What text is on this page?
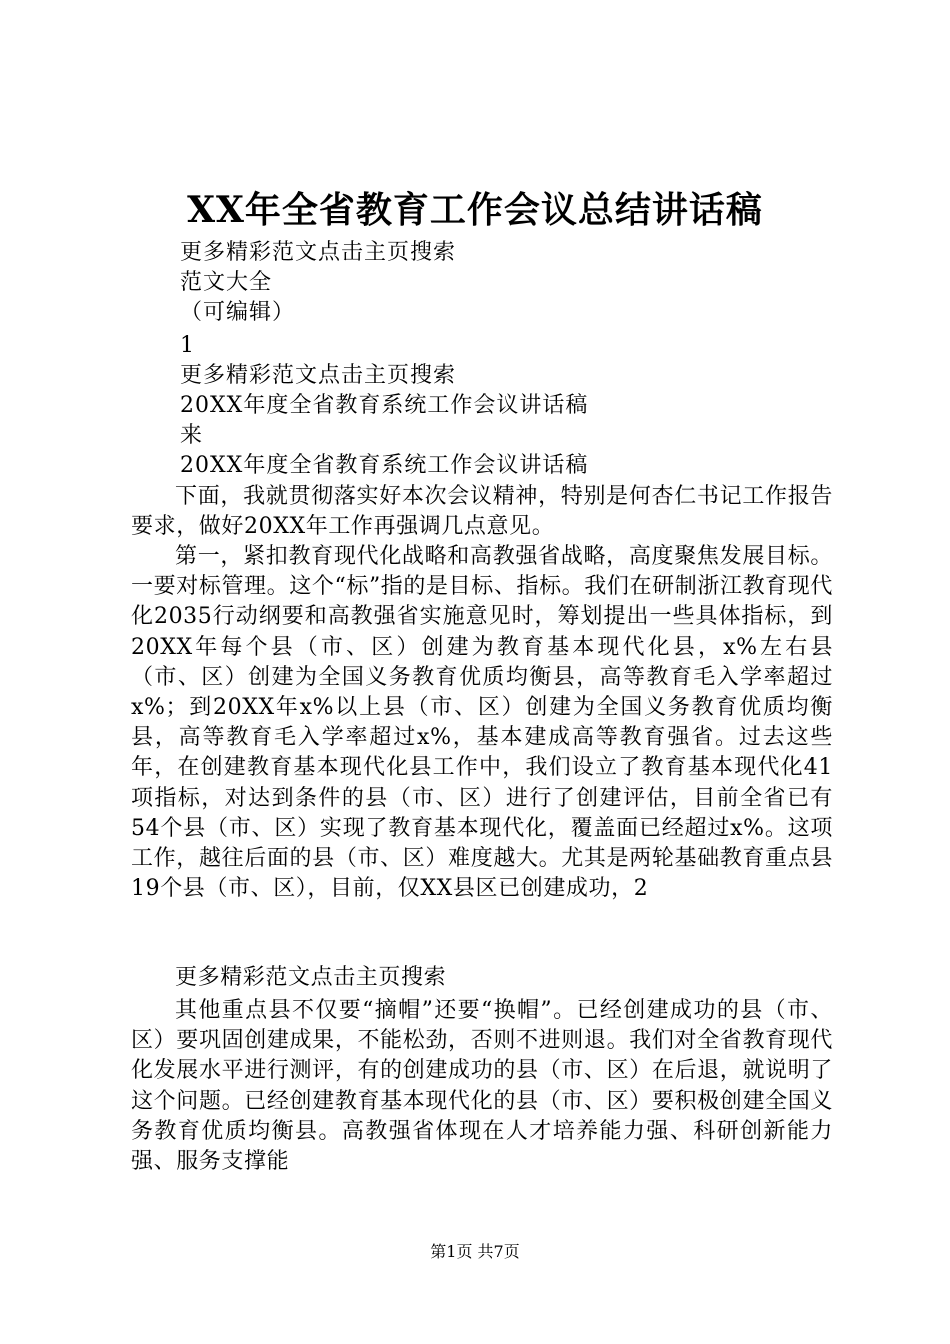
XX年全省教育工作会议总结讲话稿
更多精彩范文点击主页搜索
范文大全
（可编辑）
1
更多精彩范文点击主页搜索
20XX年度全省教育系统工作会议讲话稿
来
20XX年度全省教育系统工作会议讲话稿

下面，我就贯彻落实好本次会议精神，特别是何杏仁书记工作报告要求，做好20XX年工作再强调几点意见。

第一，紧扣教育现代化战略和高教强省战略，高度聚焦发展目标。一要对标管理。这个“标”指的是目标、指标。我们在研制浙江教育现代化2035行动纲要和高教强省实施意见时，筹划提出一些具体指标，到20XX年每个县（市、区）创建为教育基本现代化县，x%左右县（市、区）创建为全国义务教育优质均衡县，高等教育毛入学率超过x%；到20XX年x%以上县（市、区）创建为全国义务教育优质均衡县，高等教育毛入学率超过x%，基本建成高等教育强省。过去这些年，在创建教育基本现代化县工作中，我们设立了教育基本现代化41项指标，对达到条件的县（市、区）进行了创建评估，目前全省已有54个县（市、区）实现了教育基本现代化，覆盖面已经超过x%。这项工作，越往后面的县（市、区）难度越大。尤其是两轮基础教育重点县19个县（市、区），目前，仅XX县区已创建成功，2

更多精彩范文点击主页搜索

其他重点县不仅要“摘帽”还要“换帽”。已经创建成功的县（市、区）要巩固创建成果，不能松劲，否则不进则退。我们对全省教育现代化发展水平进行测评，有的创建成功的县（市、区）在后退，就说明了这个问题。已经创建教育基本现代化的县（市、区）要积极创建全国义务教育优质均衡县。高教强省体现在人才培养能力强、科研创新能力强、服务支撑能

第1页 共7页
